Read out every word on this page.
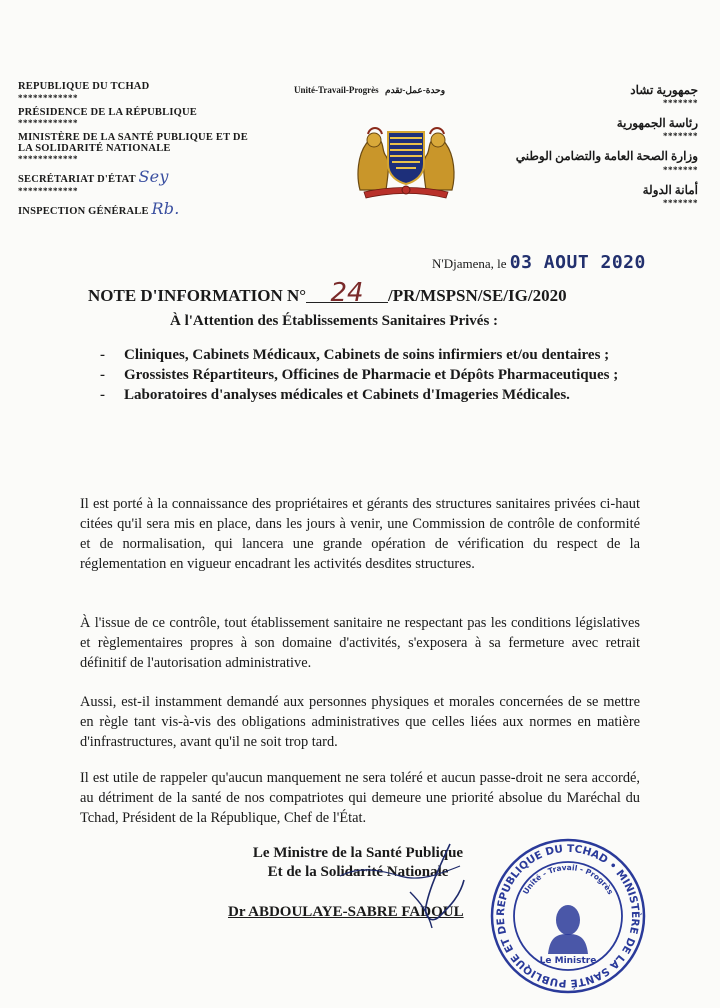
REPUBLIQUE DU TCHAD
************
PRÉSIDENCE DE LA RÉPUBLIQUE
************
MINISTÈRE DE LA SANTÉ PUBLIQUE ET DE
LA SOLIDARITÉ NATIONALE
************
SECRÉTARIAT D'ÉTAT Sey
************
INSPECTION GÉNÉRALE Rb.
Unité-Travail-Progrès وحدة-عمل-تقدم	جمهورية تشاد
*******
رئاسة الجمهورية
*******
وزارة الصحة العامة والتضامن الوطني
*******
أمانة الدولة
*******
N'Djamena, le 03 AOUT 2020
NOTE D'INFORMATION N° 24 /PR/MSPSN/SE/IG/2020
À l'Attention des Établissements Sanitaires Privés :
- Cliniques, Cabinets Médicaux, Cabinets de soins infirmiers et/ou dentaires ;
- Grossistes Répartiteurs, Officines de Pharmacie et Dépôts Pharmaceutiques ;
- Laboratoires d'analyses médicales et Cabinets d'Imageries Médicales.

Il est porté à la connaissance des propriétaires et gérants des structures sanitaires privées ci-haut citées qu'il sera mis en place, dans les jours à venir, une Commission de contrôle de conformité et de normalisation, qui lancera une grande opération de vérification du respect de la réglementation en vigueur encadrant les activités desdites structures.

À l'issue de ce contrôle, tout établissement sanitaire ne respectant pas les conditions législatives et règlementaires propres à son domaine d'activités, s'exposera à sa fermeture avec retrait définitif de l'autorisation administrative.

Aussi, est-il instamment demandé aux personnes physiques et morales concernées de se mettre en règle tant vis-à-vis des obligations administratives que celles liées aux normes en matière d'infrastructures, avant qu'il ne soit trop tard.

Il est utile de rappeler qu'aucun manquement ne sera toléré et aucun passe-droit ne sera accordé, au détriment de la santé de nos compatriotes qui demeure une priorité absolue du Maréchal du Tchad, Président de la République, Chef de l'État.

Le Ministre de la Santé Publique
Et de la Solidarité Nationale
Dr ABDOULAYE-SABRE FADOUL	REPUBLIQUE DU TCHAD • MINISTÈRE DE LA SANTÉ PUBLIQUE ET DE
Unité - Travail - Progrès
Le Ministre
